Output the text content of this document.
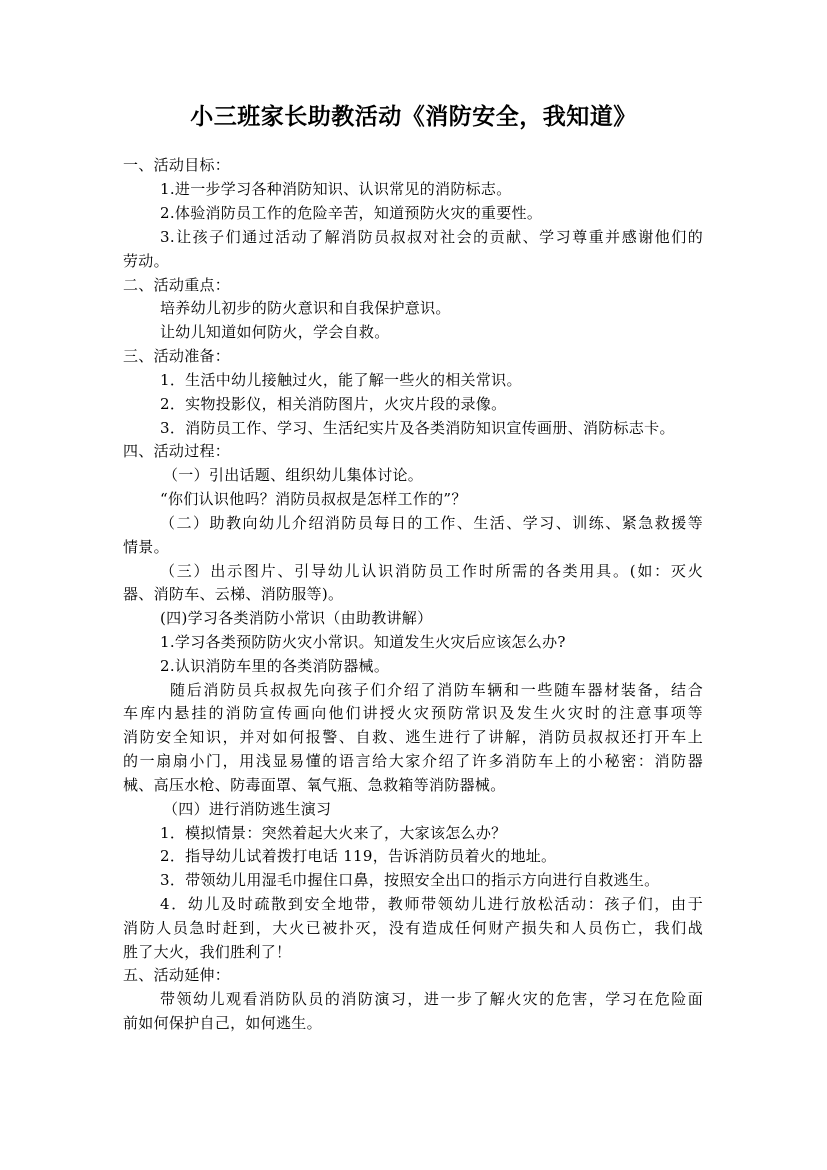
小三班家长助教活动《消防安全，我知道》
一、活动目标：
1.进一步学习各种消防知识、认识常见的消防标志。
2.体验消防员工作的危险辛苦，知道预防火灾的重要性。
3.让孩子们通过活动了解消防员叔叔对社会的贡献、学习尊重并感谢他们的
劳动。
二、活动重点：
培养幼儿初步的防火意识和自我保护意识。
让幼儿知道如何防火，学会自救。
三、活动准备：
1．生活中幼儿接触过火，能了解一些火的相关常识。
2．实物投影仪，相关消防图片，火灾片段的录像。
3．消防员工作、学习、生活纪实片及各类消防知识宣传画册、消防标志卡。
四、活动过程：
（一）引出话题、组织幼儿集体讨论。
“你们认识他吗？消防员叔叔是怎样工作的”？
（二）助教向幼儿介绍消防员每日的工作、生活、学习、训练、紧急救援等
情景。
（三）出示图片、引导幼儿认识消防员工作时所需的各类用具。(如：灭火
器、消防车、云梯、消防服等)。
(四)学习各类消防小常识（由助教讲解）
1.学习各类预防防火灾小常识。知道发生火灾后应该怎么办?
2.认识消防车里的各类消防器械。
随后消防员兵叔叔先向孩子们介绍了消防车辆和一些随车器材装备，结合
车库内悬挂的消防宣传画向他们讲授火灾预防常识及发生火灾时的注意事项等
消防安全知识，并对如何报警、自救、逃生进行了讲解，消防员叔叔还打开车上
的一扇扇小门，用浅显易懂的语言给大家介绍了许多消防车上的小秘密：消防器
械、高压水枪、防毒面罩、氧气瓶、急救箱等消防器械。
（四）进行消防逃生演习
1．模拟情景：突然着起大火来了，大家该怎么办？
2．指导幼儿试着拨打电话 119，告诉消防员着火的地址。
3．带领幼儿用湿毛巾握住口鼻，按照安全出口的指示方向进行自救逃生。
4．幼儿及时疏散到安全地带，教师带领幼儿进行放松活动：孩子们，由于
消防人员急时赶到，大火已被扑灭，没有造成任何财产损失和人员伤亡，我们战
胜了大火，我们胜利了！
五、活动延伸：
带领幼儿观看消防队员的消防演习，进一步了解火灾的危害，学习在危险面
前如何保护自己，如何逃生。
